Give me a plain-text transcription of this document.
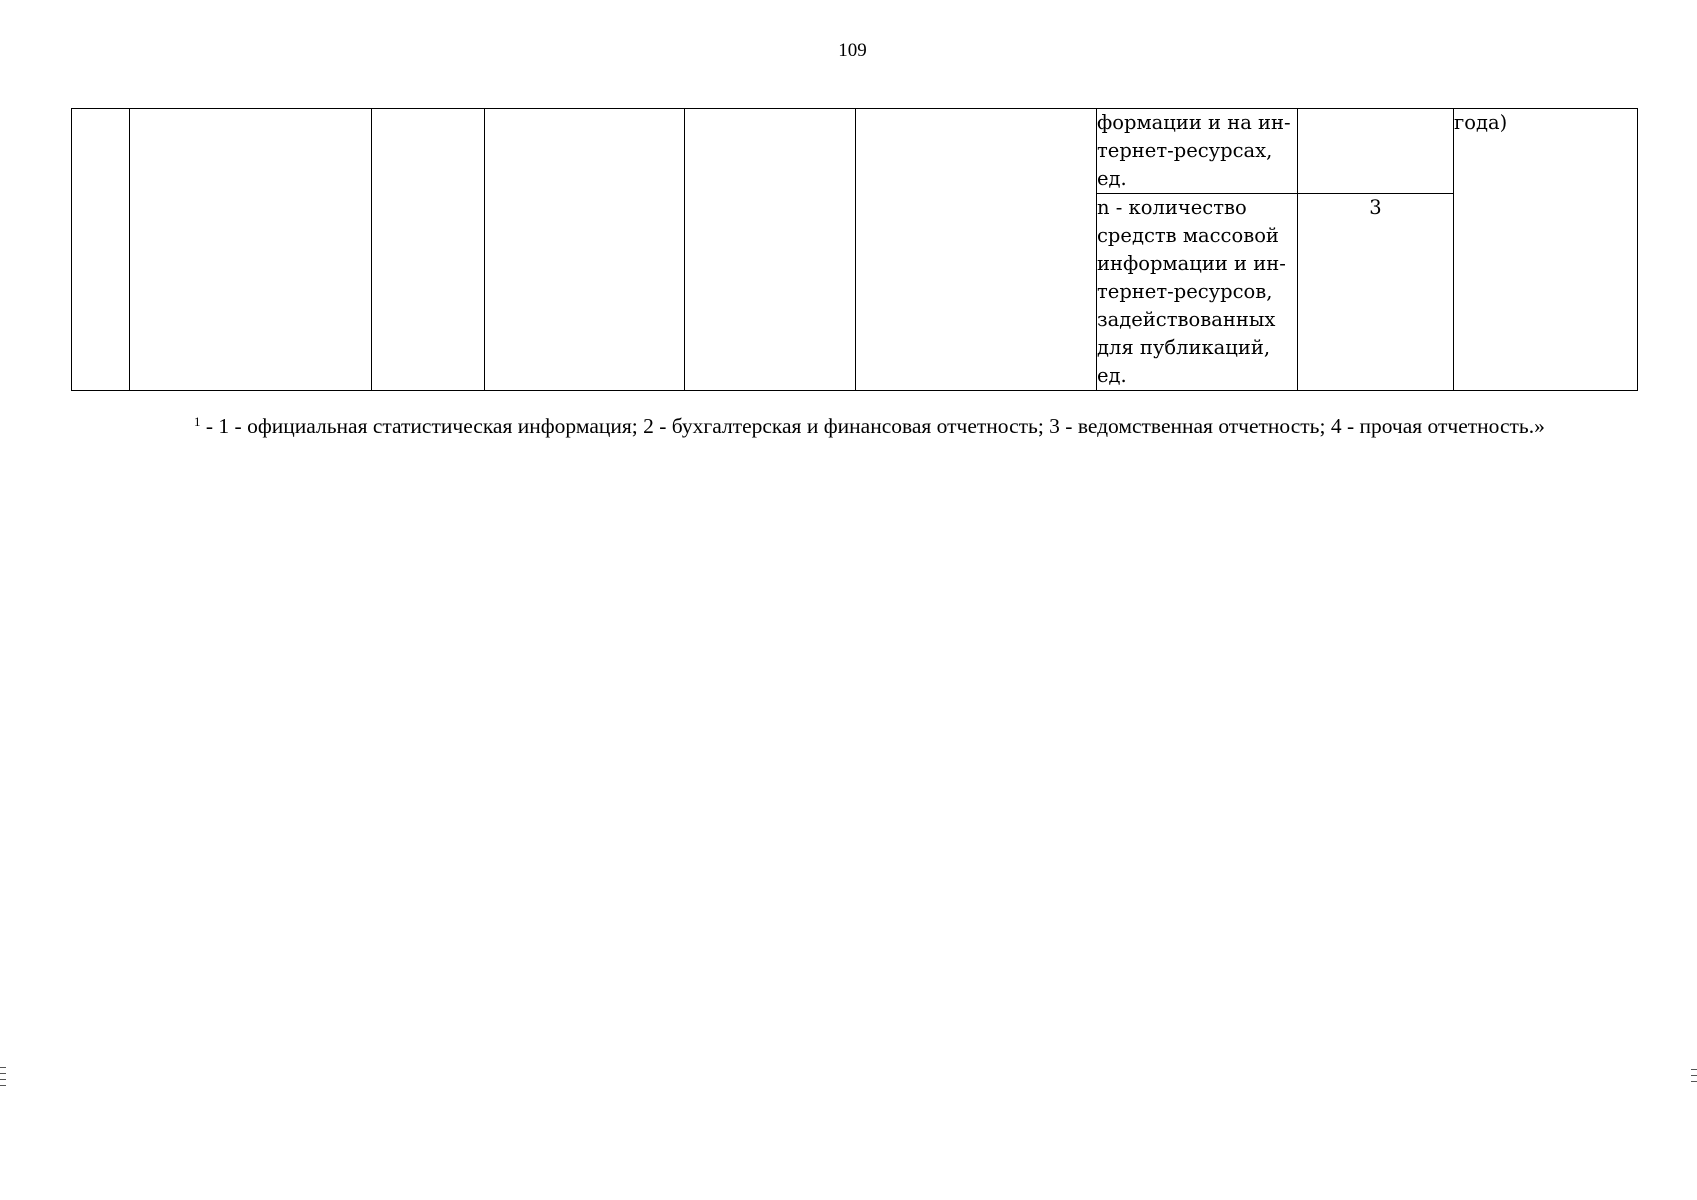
109
						формации и на ин-тернет-ресурсах, ед.		года)
						n - количество средств массовой информации и ин-тернет-ресурсов, задействованных для публикаций, ед.	3	
$^1$ - 1 - официальная статистическая информация; 2 - бухгалтерская и финансовая отчетность; 3 - ведомственная отчетность; 4 - прочая отчетность.»
